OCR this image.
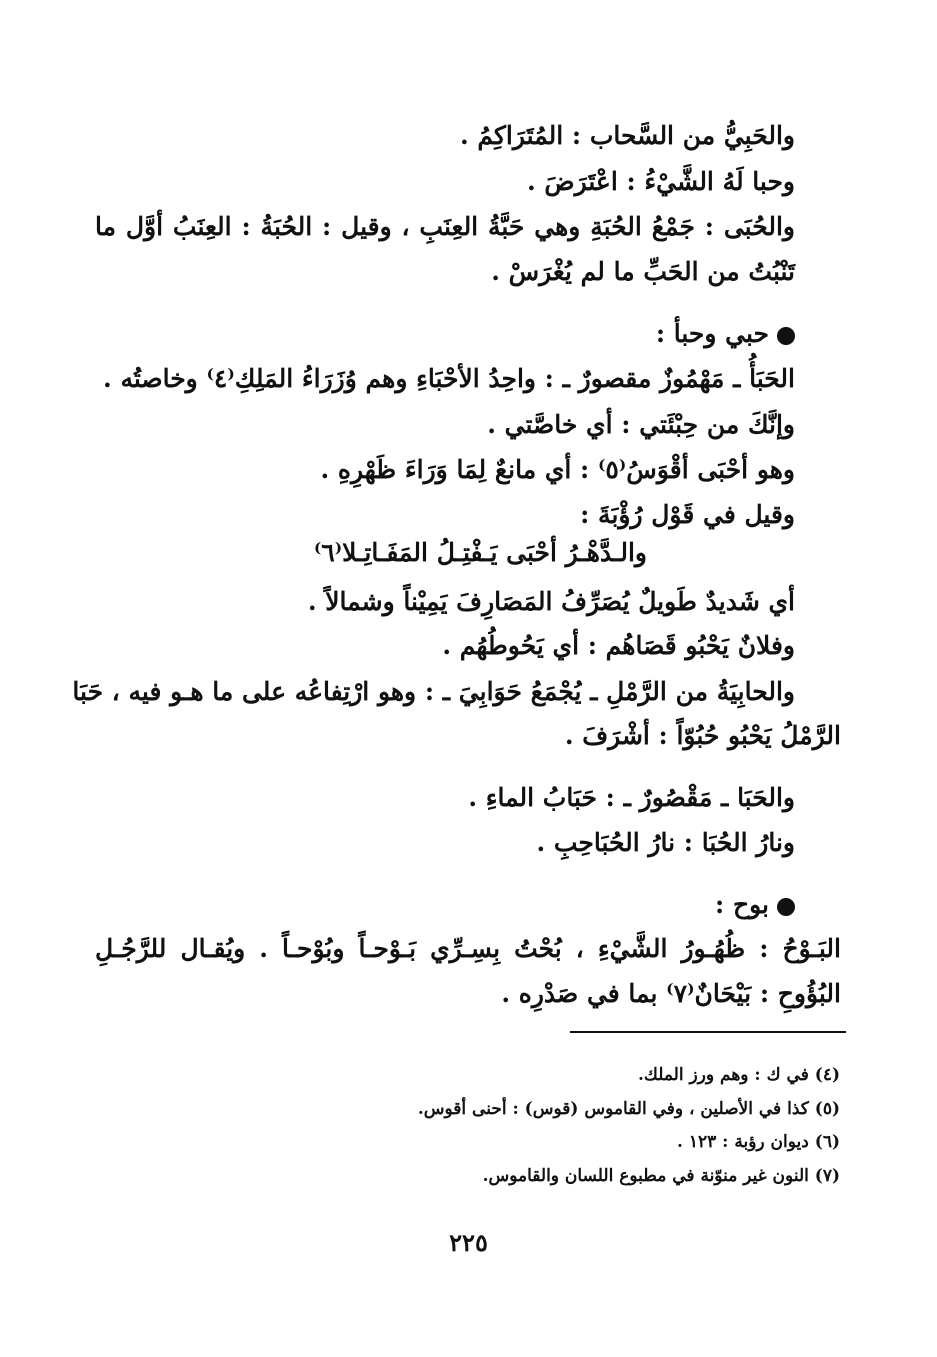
والحَبِيُّ من السَّحاب : المُتَرَاكِمُ .
وحبا لَهُ الشَّيْءُ : اعْتَرَضَ .
والحُبَى : جَمْعُ الحُبَةِ وهي حَبَّةُ العِنَبِ ، وقيل : الحُبَةُ : العِنَبُ أوَّل ما
تَنْبُتُ من الحَبِّ ما لم يُغْرَسْ .
حبي وحبأ :
الحَبَأُ ـ مَهْمُوزٌ مقصورٌ ـ : واحِدُ الأحْبَاءِ وهم وُزَرَاءُ المَلِكِ⁽٤⁾ وخاصتُه .
وإنَّكَ من حِبْئَتي : أي خاصَّتي .
وهو أحْبَى أقْوَسُ⁽٥⁾ : أي مانعٌ لِمَا وَرَاءَ ظَهْرِهِ .
وقيل في قَوْل رُؤْبَةَ :
والـدَّهْـرُ أحْبَى يَـفْتِـلُ المَفَـاتِـلا⁽٦⁾
أي شَديدٌ طَويلٌ يُصَرِّفُ المَصَارِفَ يَمِيْناً وشمالاً .
وفلانٌ يَحْبُو قَصَاهُم : أي يَحُوطُهُم .
والحابِيَةُ من الرَّمْلِ ـ يُجْمَعُ حَوَابِيَ ـ : وهو ارْتِفاعُه على ما هـو فيه ، حَبَا
الرَّمْلُ يَحْبُو حُبُوّاً : أشْرَفَ .
والحَبَا ـ مَقْصُورٌ ـ : حَبَابُ الماءِ .
ونارُ الحُبَا : نارُ الحُبَاحِبِ .
بوح :
البَـوْحُ : ظُهُـورُ الشَّيْءِ ، بُحْتُ بِسِـرِّي بَـوْحـاً وبُوْحـاً . ويُقـال للرَّجُـلِ
البُؤُوحِ : بَيْحَانٌ⁽٧⁾ بما في صَدْرِه .
(٤) في ك : وهم ورز الملك.
(٥) كذا في الأصلين ، وفي القاموس (قوس) : أحنى أقوس.
(٦) ديوان رؤبة : ١٢٣ .
(٧) النون غير منوّنة في مطبوع اللسان والقاموس.
٢٢٥
